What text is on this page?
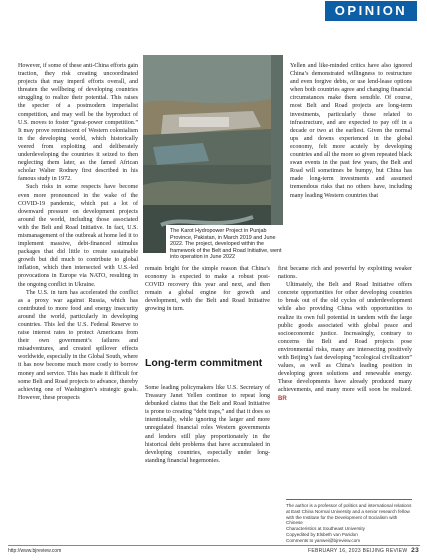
OPINION

However, if some of these anti-China efforts gain traction, they risk creating uncoordinated projects that may imperil efforts overall, and threaten the wellbeing of developing countries struggling to realize their potential. This raises the specter of a postmodern imperialist competition, and may well be the byproduct of U.S. moves to foster “great-power competition.” It may prove reminiscent of Western colonialism in the developing world, which historically veered from exploiting and deliberately underdeveloping the countries it seized to then neglecting them later, as the famed African scholar Walter Rodney first described in his famous study in 1972.

Such risks in some respects have become even more pronounced in the wake of the COVID-19 pandemic, which put a lot of downward pressure on development projects around the world, including those associated with the Belt and Road Initiative. In fact, U.S. mismanagement of the outbreak at home led it to implement massive, debt-financed stimulus packages that did little to create sustainable growth but did much to contribute to global inflation, which then intersected with U.S.-led provocations in Europe via NATO, resulting in the ongoing conflict in Ukraine.

The U.S. in turn has accelerated the conflict as a proxy war against Russia, which has contributed to more food and energy insecurity around the world, particularly in developing countries. This led the U.S. Federal Reserve to raise interest rates to protect Americans from their own government’s failures and misadventures, and created spillover effects worldwide, especially in the Global South, where it has now become much more costly to borrow money and service. This has made it difficult for some Belt and Road projects to advance, thereby achieving one of Washington’s strategic goals. However, these prospects

The Karot Hydropower Project in Punjab Province, Pakistan, in March 2019 and June 2022. The project, developed within the framework of the Belt and Road Initiative, went into operation in June 2022

remain bright for the simple reason that China’s economy is expected to make a robust post-COVID recovery this year and next, and then remain a global engine for growth and development, with the Belt and Road Initiative growing in turn.

Long-term commitment

Some leading policymakers like U.S. Secretary of Treasury Janet Yellen continue to repeat long debunked claims that the Belt and Road Initiative is prone to creating “debt traps,” and that it does so intentionally, while ignoring the larger and more unregulated financial roles Western governments and lenders still play proportionately in the historical debt problems that have accumulated in developing countries, especially under long-standing financial hegemonies.

Yellen and like-minded critics have also ignored China’s demonstrated willingness to restructure and even forgive debts, or use lend-lease options when both countries agree and changing financial circumstances make them sensible. Of course, most Belt and Road projects are long-term investments, particularly those related to infrastructure, and are expected to pay off in a decade or two at the earliest. Given the normal ups and downs experienced in the global economy, felt more acutely by developing countries and all the more so given repeated black swan events in the past few years, the Belt and Road will sometimes be bumpy, but China has made long-term investments and assumed tremendous risks that no others have, including many leading Western countries that

first became rich and powerful by exploiting weaker nations.

Ultimately, the Belt and Road Initiative offers concrete opportunities for other developing countries to break out of the old cycles of underdevelopment while also providing China with opportunities to realize its own full potential in tandem with the large public goods associated with global peace and socioeconomic justice. Increasingly, contrary to concerns the Belt and Road projects pose environmental risks, many are intersecting positively with Beijing’s fast developing “ecological civilization” values, as well as China’s leading position in developing green solutions and renewable energy. These developments have already produced many achievements, and many more will soon be realized. BR

The author is a professor of politics and international relations
at East China Normal University and a senior research fellow
with the Institute for the Development of Socialism with Chinese
Characteristics at Southeast University
Copyedited by Elsbeth van Paridon
Comments to yanwei@bjreview.com
http://www.bjreview.com	FEBRUARY 16, 2023 BEIJING REVIEW 23
